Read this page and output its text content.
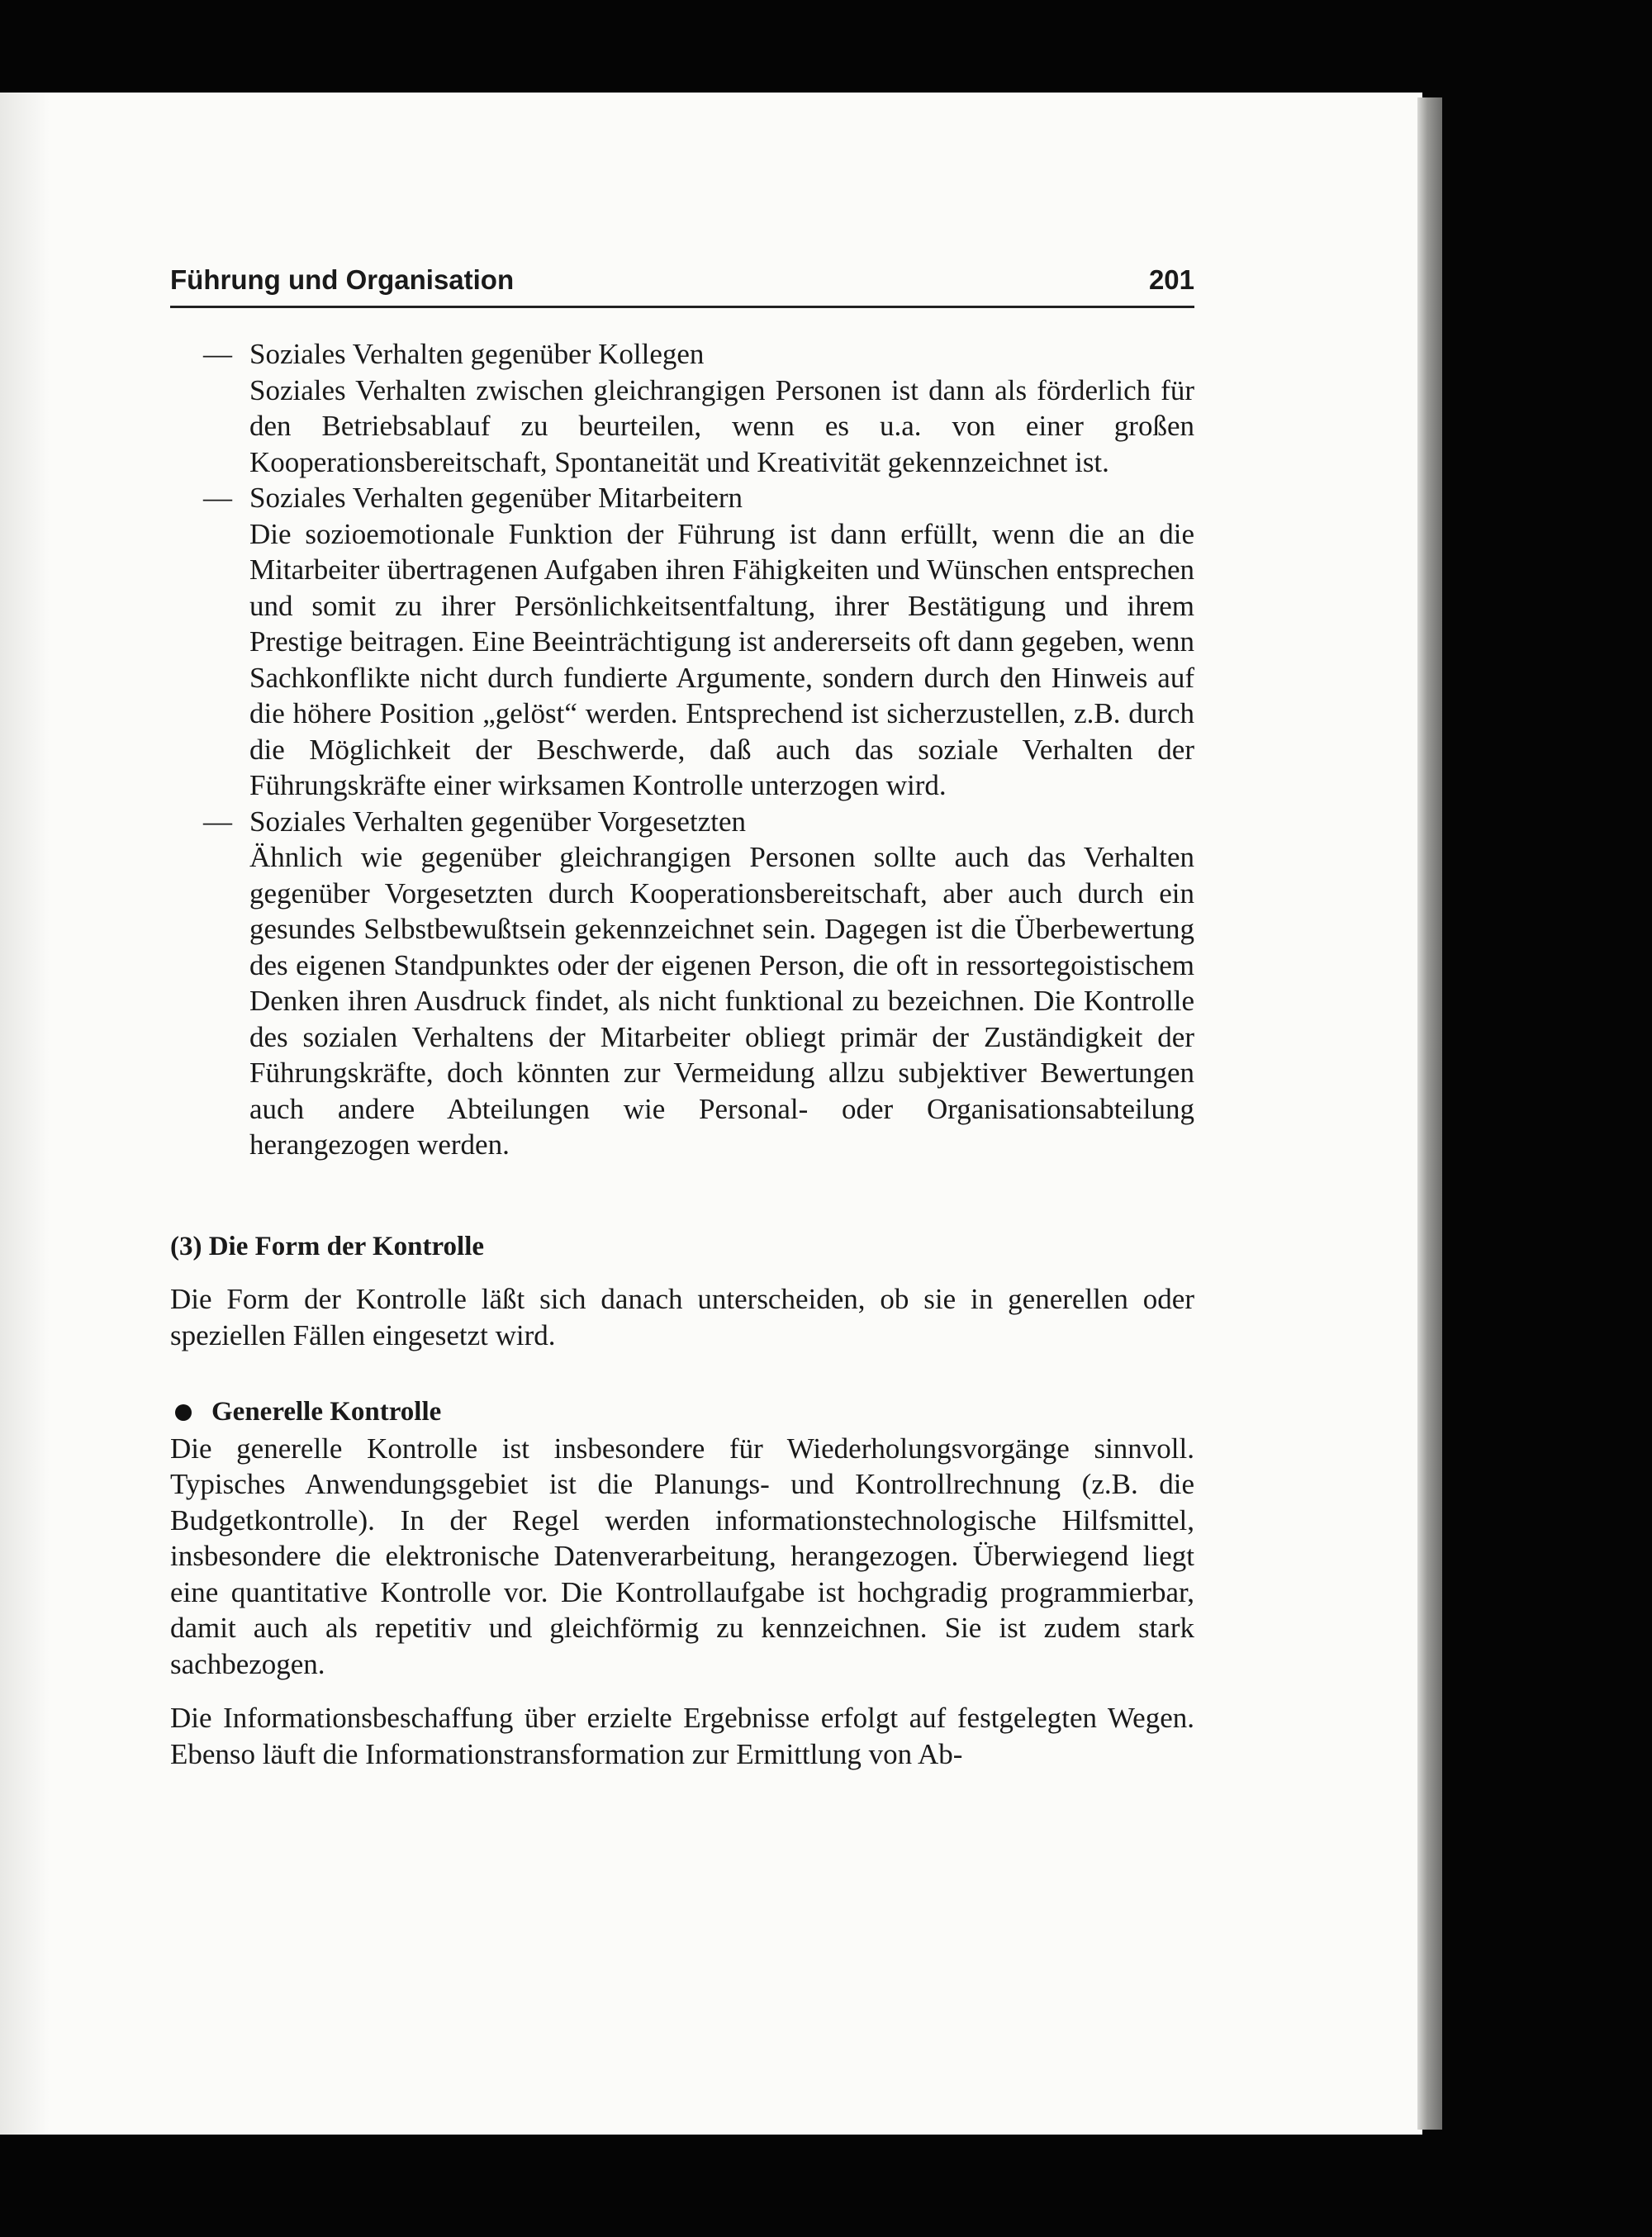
Führung und Organisation	201
— Soziales Verhalten gegenüber Kollegen
Soziales Verhalten zwischen gleichrangigen Personen ist dann als förderlich für den Betriebsablauf zu beurteilen, wenn es u.a. von einer großen Kooperationsbereitschaft, Spontaneität und Kreativität gekennzeichnet ist.
— Soziales Verhalten gegenüber Mitarbeitern
Die sozioemotionale Funktion der Führung ist dann erfüllt, wenn die an die Mitarbeiter übertragenen Aufgaben ihren Fähigkeiten und Wünschen entsprechen und somit zu ihrer Persönlichkeitsentfaltung, ihrer Bestätigung und ihrem Prestige beitragen. Eine Beeinträchtigung ist andererseits oft dann gegeben, wenn Sachkonflikte nicht durch fundierte Argumente, sondern durch den Hinweis auf die höhere Position „gelöst“ werden. Entsprechend ist sicherzustellen, z.B. durch die Möglichkeit der Beschwerde, daß auch das soziale Verhalten der Führungskräfte einer wirksamen Kontrolle unterzogen wird.
— Soziales Verhalten gegenüber Vorgesetzten
Ähnlich wie gegenüber gleichrangigen Personen sollte auch das Verhalten gegenüber Vorgesetzten durch Kooperationsbereitschaft, aber auch durch ein gesundes Selbstbewußtsein gekennzeichnet sein. Dagegen ist die Überbewertung des eigenen Standpunktes oder der eigenen Person, die oft in ressortegoistischem Denken ihren Ausdruck findet, als nicht funktional zu bezeichnen. Die Kontrolle des sozialen Verhaltens der Mitarbeiter obliegt primär der Zuständigkeit der Führungskräfte, doch könnten zur Vermeidung allzu subjektiver Bewertungen auch andere Abteilungen wie Personal- oder Organisationsabteilung herangezogen werden.
(3) Die Form der Kontrolle
Die Form der Kontrolle läßt sich danach unterscheiden, ob sie in generellen oder speziellen Fällen eingesetzt wird.
Generelle Kontrolle
Die generelle Kontrolle ist insbesondere für Wiederholungsvorgänge sinnvoll. Typisches Anwendungsgebiet ist die Planungs- und Kontrollrechnung (z.B. die Budgetkontrolle). In der Regel werden informationstechnologische Hilfsmittel, insbesondere die elektronische Datenverarbeitung, herangezogen. Überwiegend liegt eine quantitative Kontrolle vor. Die Kontrollaufgabe ist hochgradig programmierbar, damit auch als repetitiv und gleichförmig zu kennzeichnen. Sie ist zudem stark sachbezogen.
Die Informationsbeschaffung über erzielte Ergebnisse erfolgt auf festgelegten Wegen. Ebenso läuft die Informationstransformation zur Ermittlung von Ab-
